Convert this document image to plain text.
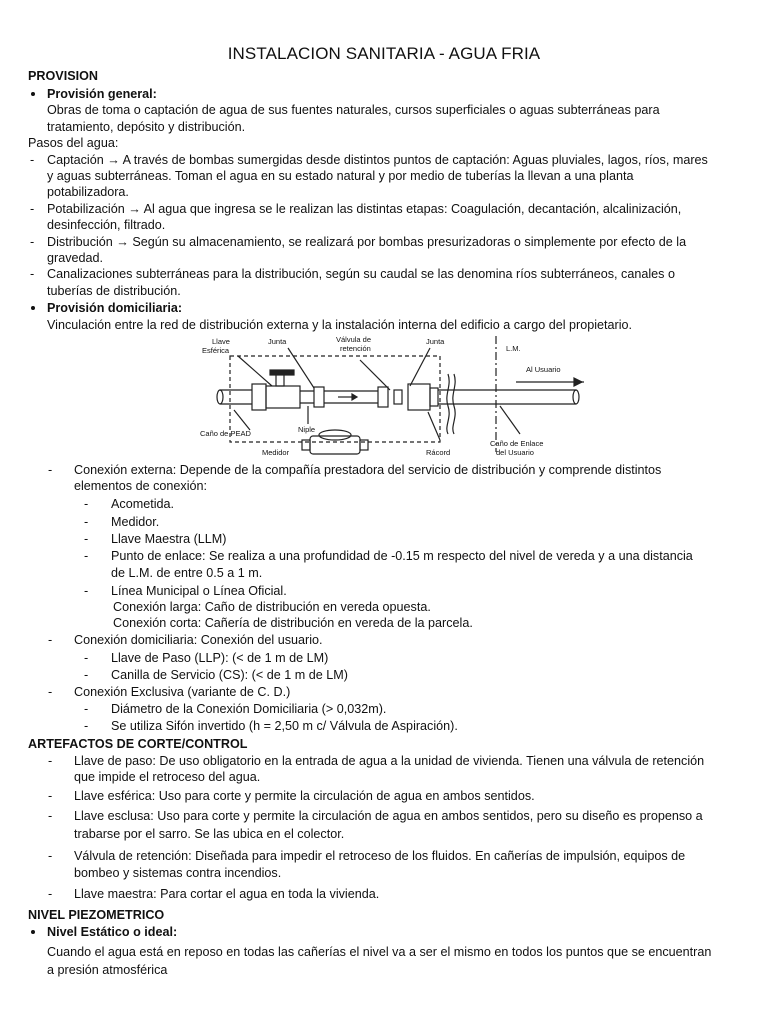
INSTALACION SANITARIA - AGUA FRIA
PROVISION
Provisión general:
Obras de toma o captación de agua de sus fuentes naturales, cursos superficiales o aguas subterráneas para
tratamiento, depósito y distribución.
Pasos del agua:
- Captación → A través de bombas sumergidas desde distintos puntos de captación: Aguas pluviales, lagos, ríos, mares
y aguas subterráneas. Toman el agua en su estado natural y por medio de tuberías la llevan a una planta
potabilizadora.
- Potabilización → Al agua que ingresa se le realizan las distintas etapas: Coagulación, decantación, alcalinización,
desinfección, filtrado.
- Distribución → Según su almacenamiento, se realizará por bombas presurizadoras o simplemente por efecto de la
gravedad.
- Canalizaciones subterráneas para la distribución, según su caudal se las denomina ríos subterráneos, canales o
tuberías de distribución.
Provisión domiciliaria:
Vinculación entre la red de distribución externa y la instalación interna del edificio a cargo del propietario.
Llave
Esférica
Junta	Válvula de
retención
Junta
L.M.
Al Usuario
Caño de PEAD	Niple
Medidor	Rácord
Caño de Enlace
del Usuario
- Conexión externa: Depende de la compañía prestadora del servicio de distribución y comprende distintos
elementos de conexión:
- Acometida.
- Medidor.
- Llave Maestra (LLM)
- Punto de enlace: Se realiza a una profundidad de -0.15 m respecto del nivel de vereda y a una distancia
de L.M. de entre 0.5 a 1 m.
- Línea Municipal o Línea Oficial.
Conexión larga: Caño de distribución en vereda opuesta.
Conexión corta: Cañería de distribución en vereda de la parcela.
- Conexión domiciliaria: Conexión del usuario.
- Llave de Paso (LLP): (< de 1 m de LM)
- Canilla de Servicio (CS): (< de 1 m de LM)
- Conexión Exclusiva (variante de C. D.)
- Diámetro de la Conexión Domiciliaria (> 0,032m).
- Se utiliza Sifón invertido (h = 2,50 m c/ Válvula de Aspiración).
ARTEFACTOS DE CORTE/CONTROL
- Llave de paso: De uso obligatorio en la entrada de agua a la unidad de vivienda. Tienen una válvula de retención
que impide el retroceso del agua.
- Llave esférica: Uso para corte y permite la circulación de agua en ambos sentidos.
- Llave esclusa: Uso para corte y permite la circulación de agua en ambos sentidos, pero su diseño es propenso a
trabarse por el sarro. Se las ubica en el colector.
- Válvula de retención: Diseñada para impedir el retroceso de los fluidos. En cañerías de impulsión, equipos de
bombeo y sistemas contra incendios.
- Llave maestra: Para cortar el agua en toda la vivienda.
NIVEL PIEZOMETRICO
Nivel Estático o ideal:
Cuando el agua está en reposo en todas las cañerías el nivel va a ser el mismo en todos los puntos que se encuentran
a presión atmosférica
